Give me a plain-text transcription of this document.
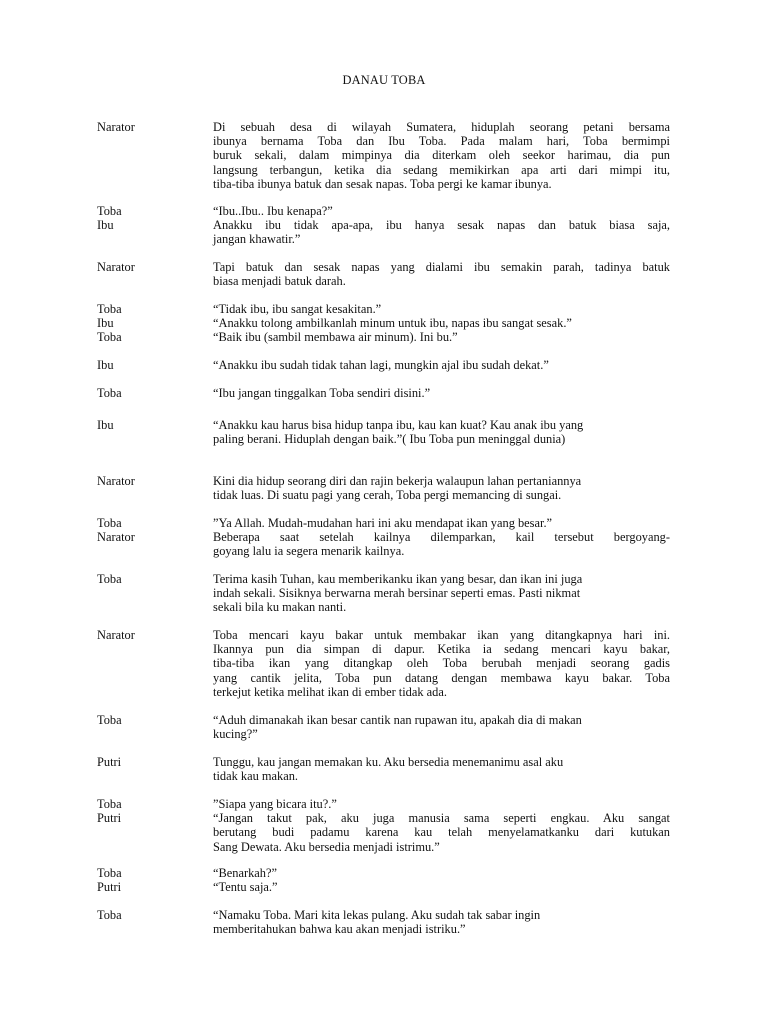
DANAU TOBA
Narator	Di sebuah desa di wilayah Sumatera, hiduplah seorang petani bersama
ibunya bernama Toba dan Ibu Toba. Pada malam hari, Toba bermimpi
buruk sekali, dalam mimpinya dia diterkam oleh seekor harimau, dia pun
langsung terbangun, ketika dia sedang memikirkan apa arti dari mimpi itu,
tiba-tiba ibunya batuk dan sesak napas. Toba pergi ke kamar ibunya.
Toba	“Ibu..Ibu.. Ibu kenapa?”
Ibu	Anakku ibu tidak apa-apa, ibu hanya sesak napas dan batuk biasa saja,
jangan khawatir.”
Narator	Tapi batuk dan sesak napas yang dialami ibu semakin parah, tadinya batuk
biasa menjadi batuk darah.
Toba	“Tidak ibu, ibu sangat kesakitan.”
Ibu	“Anakku tolong ambilkanlah minum untuk ibu, napas ibu sangat sesak.”
Toba	“Baik ibu (sambil membawa air minum). Ini bu.”
Ibu	“Anakku ibu sudah tidak tahan lagi, mungkin ajal ibu sudah dekat.”
Toba	“Ibu jangan tinggalkan Toba sendiri disini.”
Ibu	“Anakku kau harus bisa hidup tanpa ibu, kau kan kuat? Kau anak ibu yang
paling berani. Hiduplah dengan baik.”( Ibu Toba pun meninggal dunia)
Narator	Kini dia hidup seorang diri dan rajin bekerja walaupun lahan pertaniannya
tidak luas. Di suatu pagi yang cerah, Toba pergi memancing di sungai.
Toba	”Ya Allah. Mudah-mudahan hari ini aku mendapat ikan yang besar.”
Narator	Beberapa saat setelah kailnya dilemparkan, kail tersebut bergoyang-
goyang lalu ia segera menarik kailnya.
Toba	Terima kasih Tuhan, kau memberikanku ikan yang besar, dan ikan ini juga
indah sekali. Sisiknya berwarna merah bersinar seperti emas. Pasti nikmat
sekali bila ku makan nanti.
Narator	Toba mencari kayu bakar untuk membakar ikan yang ditangkapnya hari ini.
Ikannya pun dia simpan di dapur. Ketika ia sedang mencari kayu bakar,
tiba-tiba ikan yang ditangkap oleh Toba berubah menjadi seorang gadis
yang cantik jelita, Toba pun datang dengan membawa kayu bakar. Toba
terkejut ketika melihat ikan di ember tidak ada.
Toba	“Aduh dimanakah ikan besar cantik nan rupawan itu, apakah dia di makan
kucing?”
Putri	Tunggu, kau jangan memakan ku. Aku bersedia menemanimu asal aku
tidak kau makan.
Toba	”Siapa yang bicara itu?.”
Putri	“Jangan takut pak, aku juga manusia sama seperti engkau. Aku sangat
berutang budi padamu karena kau telah menyelamatkanku dari kutukan
Sang Dewata. Aku bersedia menjadi istrimu.”
Toba	“Benarkah?”
Putri	“Tentu saja.”
Toba	“Namaku Toba. Mari kita lekas pulang. Aku sudah tak sabar ingin
memberitahukan bahwa kau akan menjadi istriku.”
